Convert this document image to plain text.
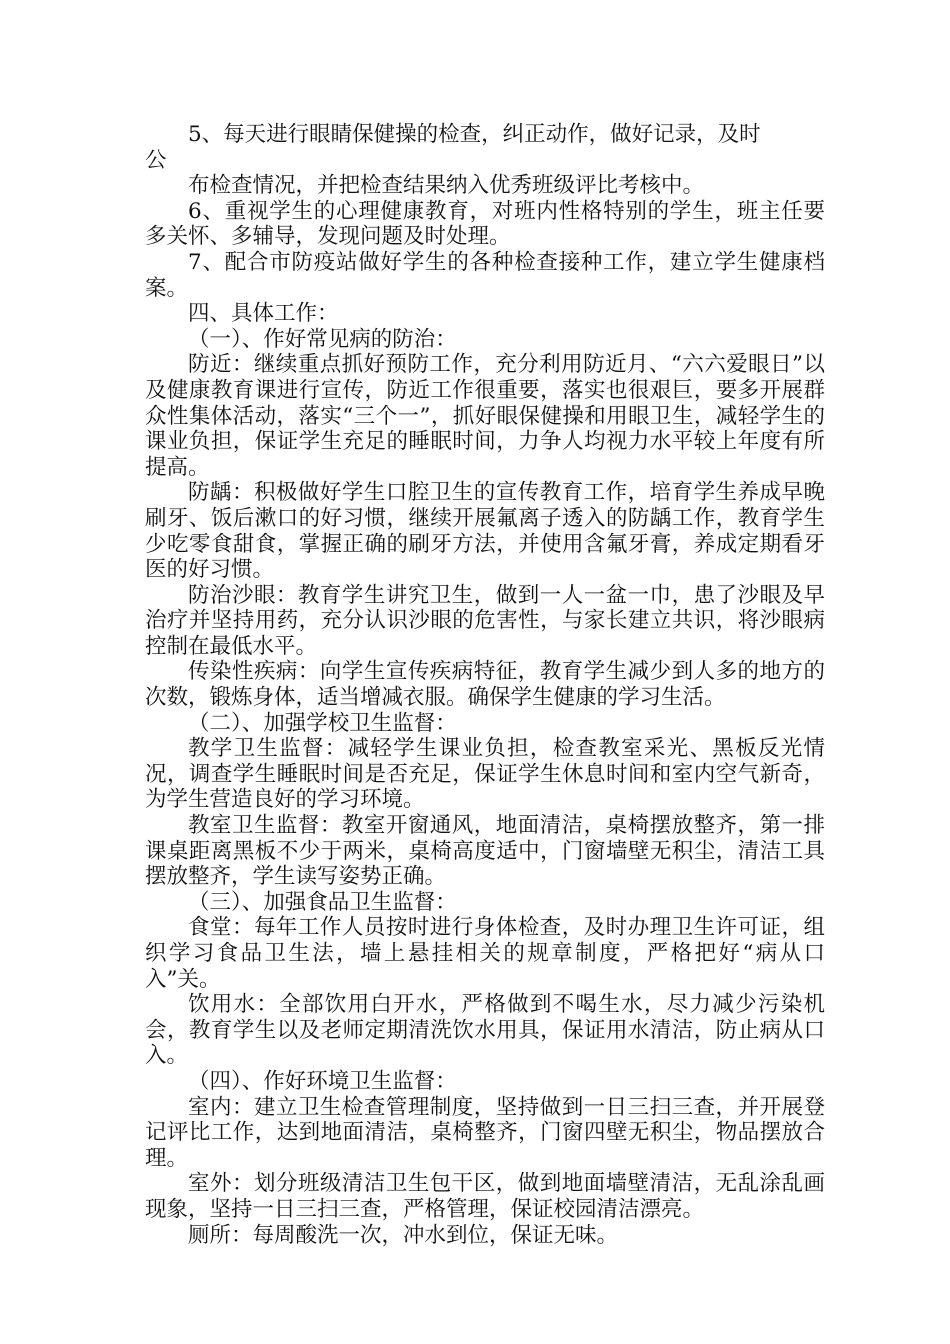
5、每天进行眼睛保健操的检查，纠正动作，做好记录，及时

公

布检查情况，并把检查结果纳入优秀班级评比考核中。

6、重视学生的心理健康教育，对班内性格特别的学生，班主任要多关怀、多辅导，发现问题及时处理。

7、配合市防疫站做好学生的各种检查接种工作，建立学生健康档案。

四、具体工作：

（一）、作好常见病的防治：

防近：继续重点抓好预防工作，充分利用防近月、“六六爱眼日”以及健康教育课进行宣传，防近工作很重要，落实也很艰巨，要多开展群众性集体活动，落实“三个一”，抓好眼保健操和用眼卫生，减轻学生的课业负担，保证学生充足的睡眠时间，力争人均视力水平较上年度有所提高。

防龋：积极做好学生口腔卫生的宣传教育工作，培育学生养成早晚刷牙、饭后漱口的好习惯，继续开展氟离子透入的防龋工作，教育学生少吃零食甜食，掌握正确的刷牙方法，并使用含氟牙膏，养成定期看牙医的好习惯。

防治沙眼：教育学生讲究卫生，做到一人一盆一巾，患了沙眼及早治疗并坚持用药，充分认识沙眼的危害性，与家长建立共识，将沙眼病控制在最低水平。

传染性疾病：向学生宣传疾病特征，教育学生减少到人多的地方的次数，锻炼身体，适当增减衣服。确保学生健康的学习生活。

（二）、加强学校卫生监督：

教学卫生监督：减轻学生课业负担，检查教室采光、黑板反光情况，调查学生睡眠时间是否充足，保证学生休息时间和室内空气新奇，为学生营造良好的学习环境。

教室卫生监督：教室开窗通风，地面清洁，桌椅摆放整齐，第一排课桌距离黑板不少于两米，桌椅高度适中，门窗墙壁无积尘，清洁工具摆放整齐，学生读写姿势正确。

（三）、加强食品卫生监督：

食堂：每年工作人员按时进行身体检查，及时办理卫生许可证，组织学习食品卫生法，墙上悬挂相关的规章制度，严格把好“病从口入”关。

饮用水：全部饮用白开水，严格做到不喝生水，尽力减少污染机会，教育学生以及老师定期清洗饮水用具，保证用水清洁，防止病从口入。

（四）、作好环境卫生监督：

室内：建立卫生检查管理制度，坚持做到一日三扫三查，并开展登记评比工作，达到地面清洁，桌椅整齐，门窗四壁无积尘，物品摆放合理。

室外：划分班级清洁卫生包干区，做到地面墙壁清洁，无乱涂乱画现象，坚持一日三扫三查，严格管理，保证校园清洁漂亮。

厕所：每周酸洗一次，冲水到位，保证无味。
